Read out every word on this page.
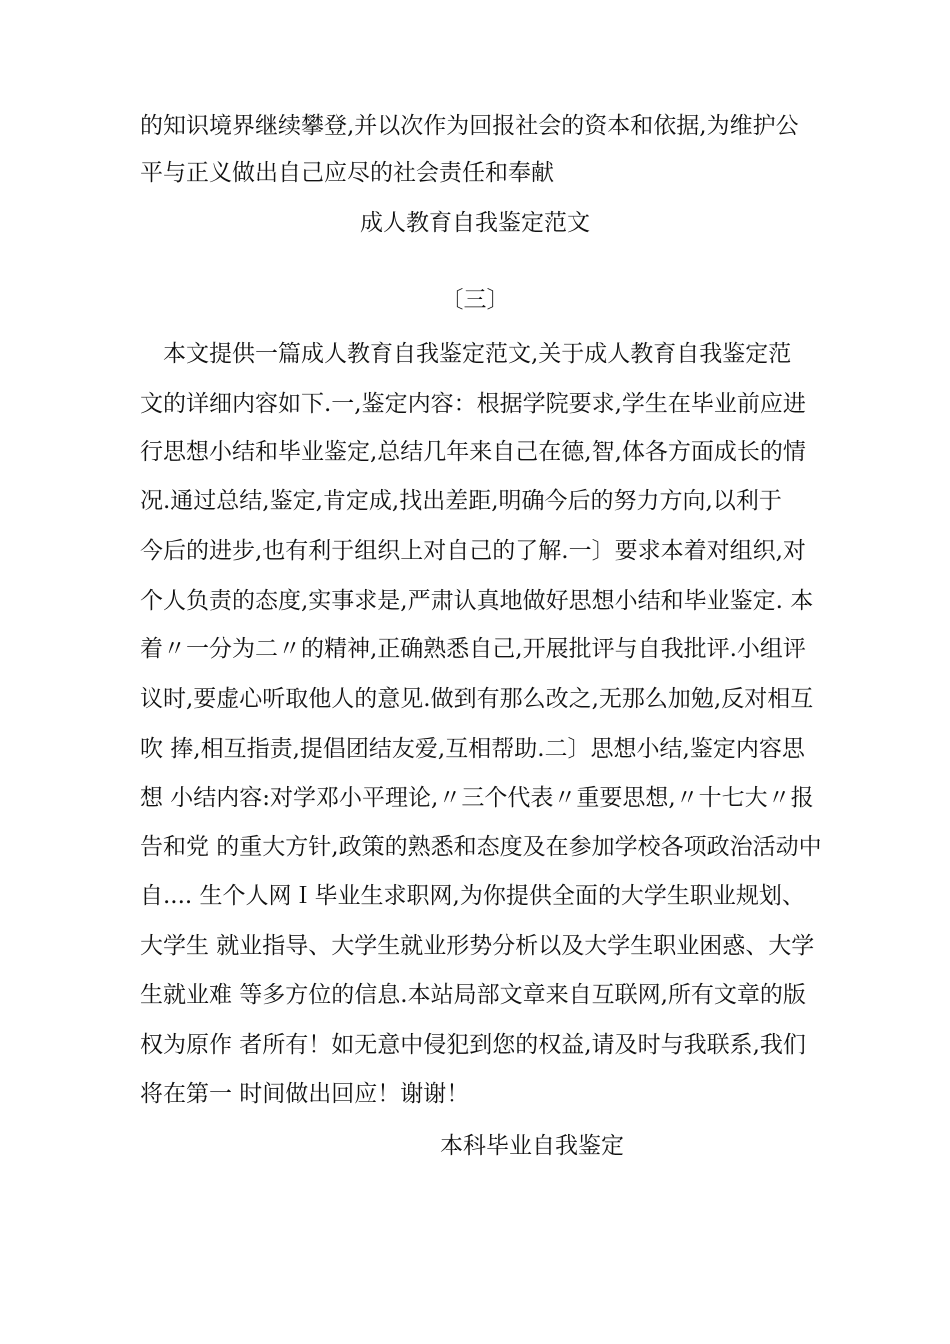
的知识境界继续攀登,并以次作为回报社会的资本和依据,为维护公
平与正义做出自己应尽的社会责任和奉献
成人教育自我鉴定范文
〔三〕
　本文提供一篇成人教育自我鉴定范文,关于成人教育自我鉴定范
文的详细内容如下.一,鉴定内容：根据学院要求,学生在毕业前应进
行思想小结和毕业鉴定,总结几年来自己在德,智,体各方面成长的情
况.通过总结,鉴定,肯定成,找出差距,明确今后的努力方向,以利于
今后的进步,也有利于组织上对自己的了解.一〕要求本着对组织,对
个人负责的态度,实事求是,严肃认真地做好思想小结和毕业鉴定. 本
着〃一分为二〃的精神,正确熟悉自己,开展批评与自我批评.小组评
议时,要虚心听取他人的意见.做到有那么改之,无那么加勉,反对相互
吹 捧,相互指责,提倡团结友爱,互相帮助.二〕思想小结,鉴定内容思
想 小结内容:对学邓小平理论,〃三个代表〃重要思想,〃十七大〃报
告和党 的重大方针,政策的熟悉和态度及在参加学校各项政治活动中
自.... 生个人网Ｉ毕业生求职网,为你提供全面的大学生职业规划、
大学生 就业指导、大学生就业形势分析以及大学生职业困惑、大学
生就业难 等多方位的信息.本站局部文章来自互联网,所有文章的版
权为原作 者所有！如无意中侵犯到您的权益,请及时与我联系,我们
将在第一 时间做出回应！谢谢！
本科毕业自我鉴定
